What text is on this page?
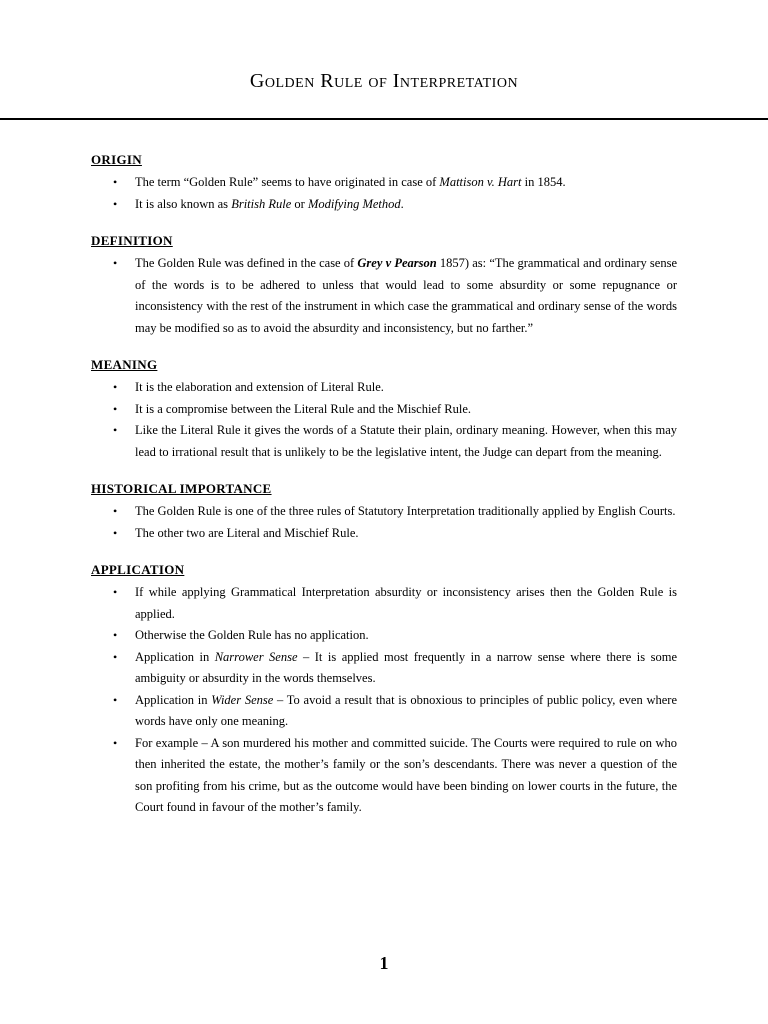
Golden Rule of Interpretation
ORIGIN
• The term “Golden Rule” seems to have originated in case of Mattison v. Hart in 1854.
• It is also known as British Rule or Modifying Method.
DEFINITION
• The Golden Rule was defined in the case of Grey v Pearson 1857) as: “The grammatical and ordinary sense of the words is to be adhered to unless that would lead to some absurdity or some repugnance or inconsistency with the rest of the instrument in which case the grammatical and ordinary sense of the words may be modified so as to avoid the absurdity and inconsistency, but no farther.”
MEANING
• It is the elaboration and extension of Literal Rule.
• It is a compromise between the Literal Rule and the Mischief Rule.
• Like the Literal Rule it gives the words of a Statute their plain, ordinary meaning. However, when this may lead to irrational result that is unlikely to be the legislative intent, the Judge can depart from the meaning.
HISTORICAL IMPORTANCE
• The Golden Rule is one of the three rules of Statutory Interpretation traditionally applied by English Courts.
• The other two are Literal and Mischief Rule.
APPLICATION
• If while applying Grammatical Interpretation absurdity or inconsistency arises then the Golden Rule is applied.
• Otherwise the Golden Rule has no application.
• Application in Narrower Sense – It is applied most frequently in a narrow sense where there is some ambiguity or absurdity in the words themselves.
• Application in Wider Sense – To avoid a result that is obnoxious to principles of public policy, even where words have only one meaning.
• For example – A son murdered his mother and committed suicide. The Courts were required to rule on who then inherited the estate, the mother’s family or the son’s descendants. There was never a question of the son profiting from his crime, but as the outcome would have been binding on lower courts in the future, the Court found in favour of the mother’s family.
1
